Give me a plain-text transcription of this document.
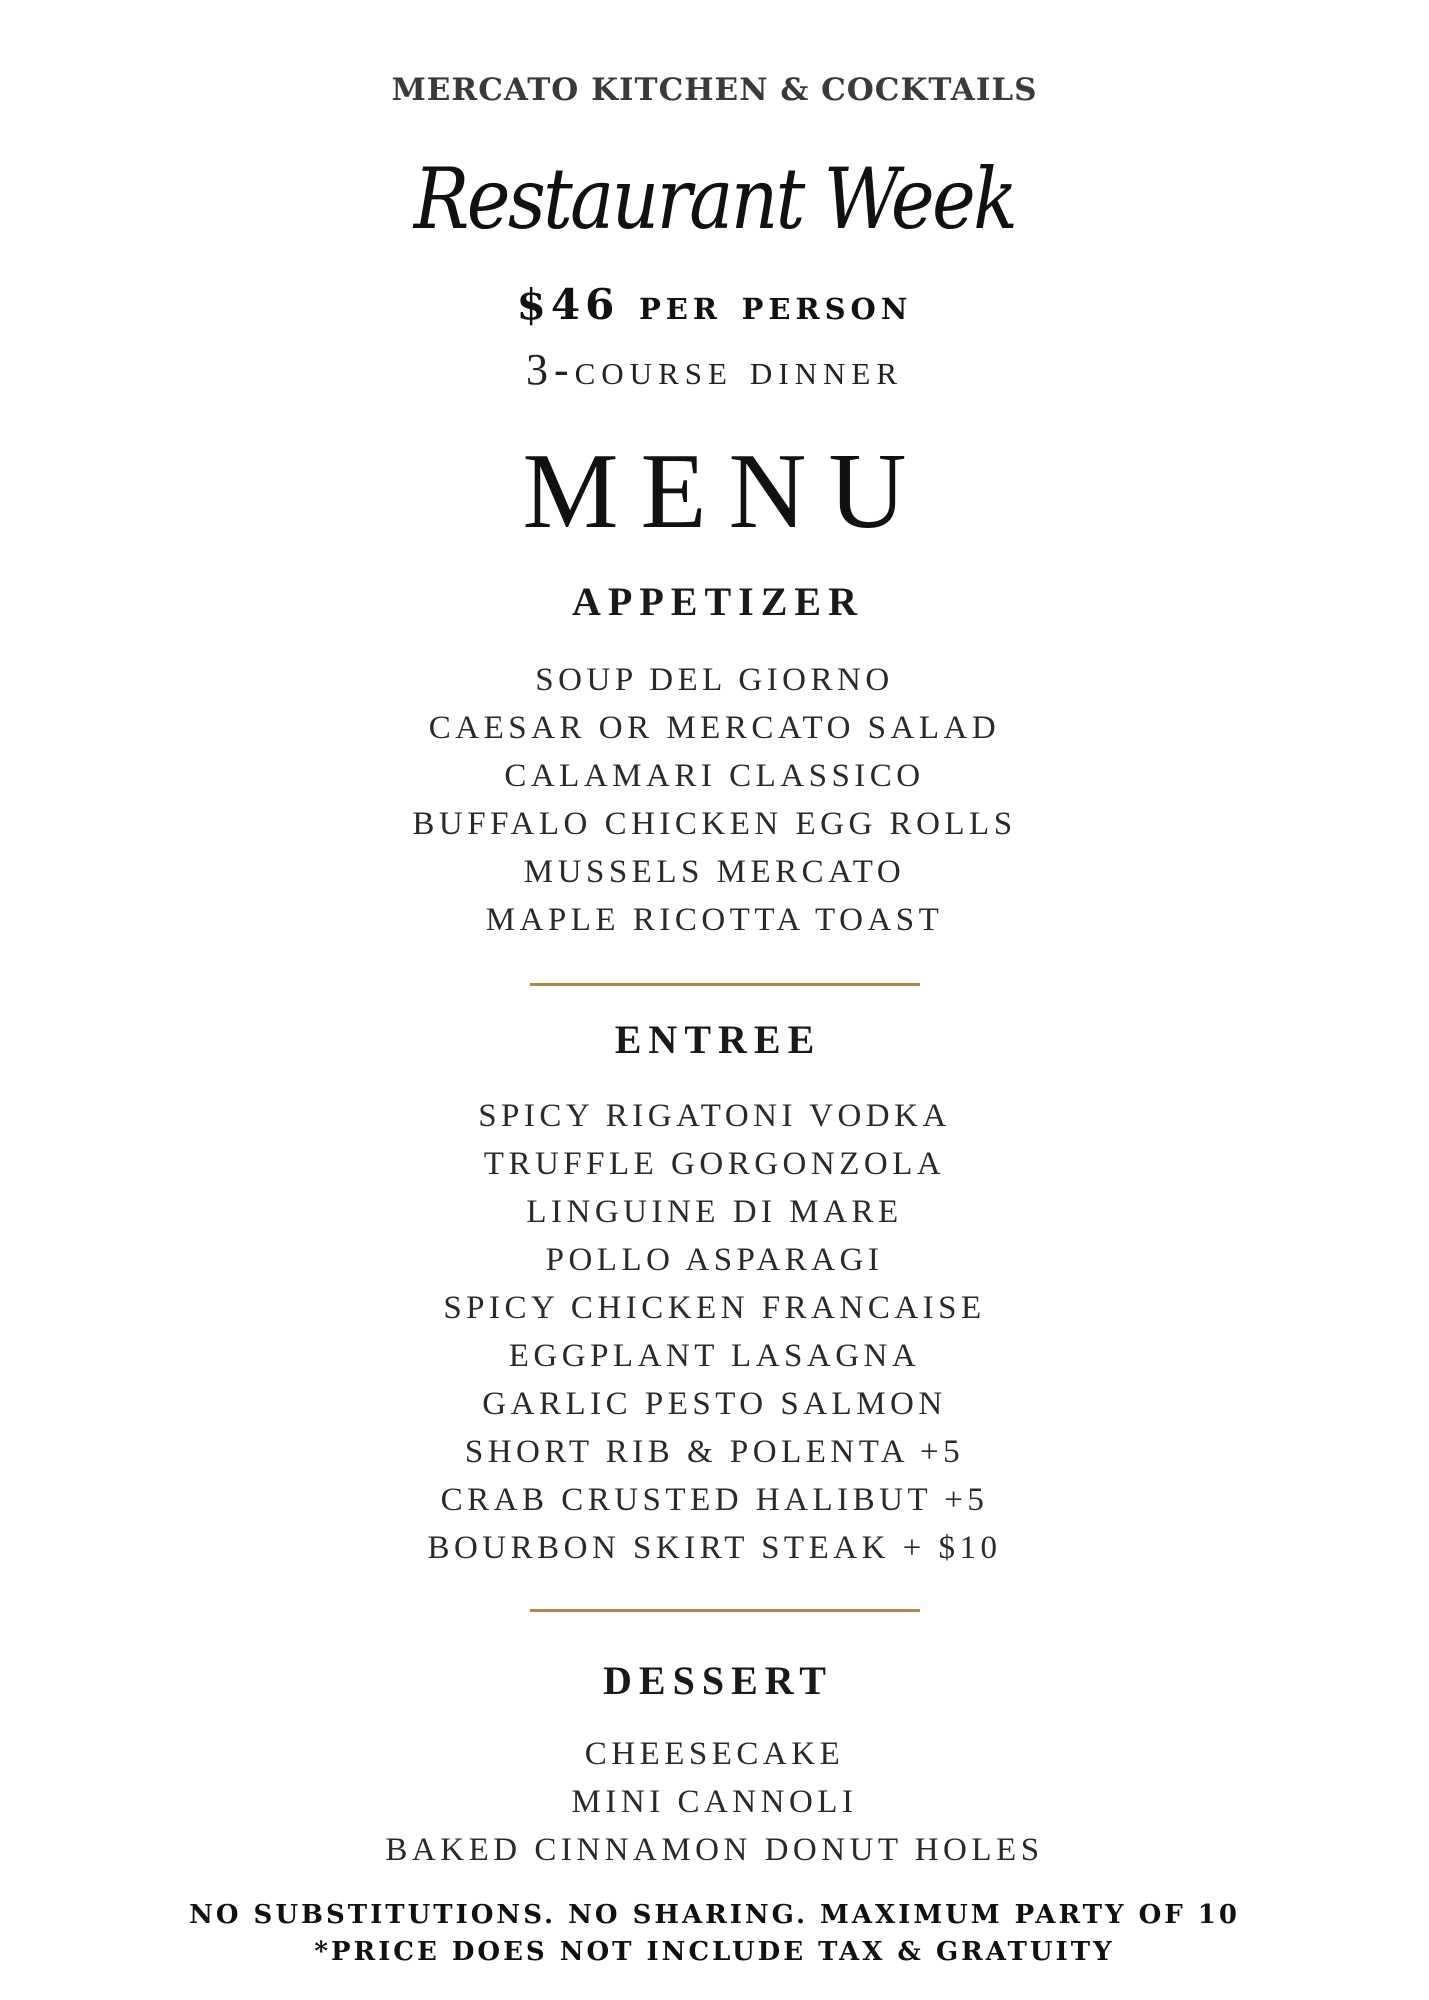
MERCATO KITCHEN & COCKTAILS
Restaurant Week
$46 per person
3-course dinner
MENU
APPETIZER
SOUP DEL GIORNO
CAESAR OR MERCATO SALAD
CALAMARI CLASSICO
BUFFALO CHICKEN EGG ROLLS
MUSSELS MERCATO
MAPLE RICOTTA TOAST
ENTREE
SPICY RIGATONI VODKA
TRUFFLE GORGONZOLA
LINGUINE DI MARE
POLLO ASPARAGI
SPICY CHICKEN FRANCAISE
EGGPLANT LASAGNA
GARLIC PESTO SALMON
SHORT RIB & POLENTA +5
CRAB CRUSTED HALIBUT +5
BOURBON SKIRT STEAK + $10
DESSERT
CHEESECAKE
MINI CANNOLI
BAKED CINNAMON DONUT HOLES
NO SUBSTITUTIONS. NO SHARING. MAXIMUM PARTY OF 10
*PRICE DOES NOT INCLUDE TAX & GRATUITY
